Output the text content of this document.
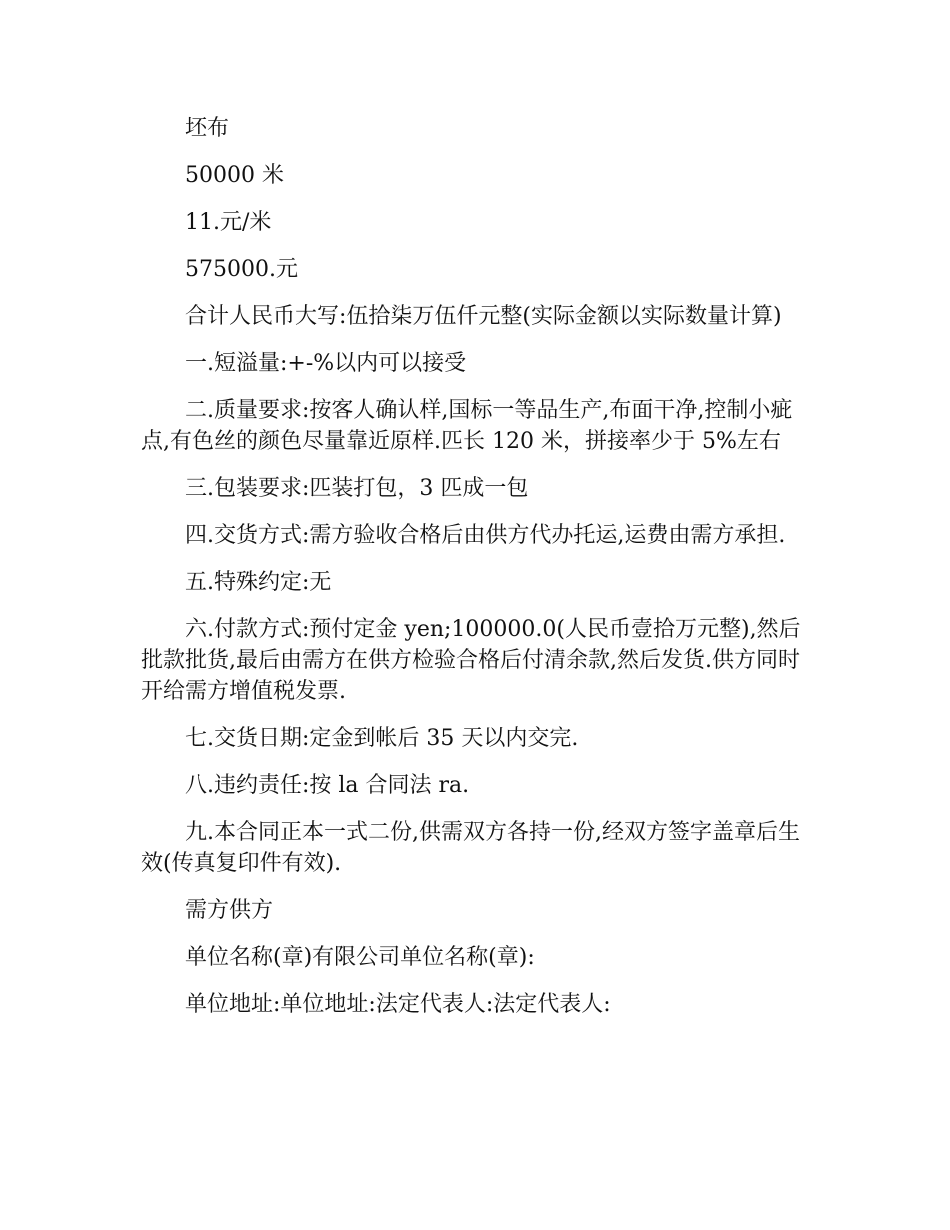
坯布

50000 米

11.元/米

575000.元

合计人民币大写:伍拾柒万伍仟元整(实际金额以实际数量计算)

一.短溢量:+-%以内可以接受

二.质量要求:按客人确认样,国标一等品生产,布面干净,控制小疵点,有色丝的颜色尽量靠近原样.匹长 120 米，拼接率少于 5%左右

三.包装要求:匹装打包，3 匹成一包

四.交货方式:需方验收合格后由供方代办托运,运费由需方承担.

五.特殊约定:无

六.付款方式:预付定金 yen;100000.0(人民币壹拾万元整),然后批款批货,最后由需方在供方检验合格后付清余款,然后发货.供方同时开给需方增值税发票.

七.交货日期:定金到帐后 35 天以内交完.

八.违约责任:按 la 合同法 ra.

九.本合同正本一式二份,供需双方各持一份,经双方签字盖章后生效(传真复印件有效).

需方供方

单位名称(章)有限公司单位名称(章):

单位地址:单位地址:法定代表人:法定代表人:
